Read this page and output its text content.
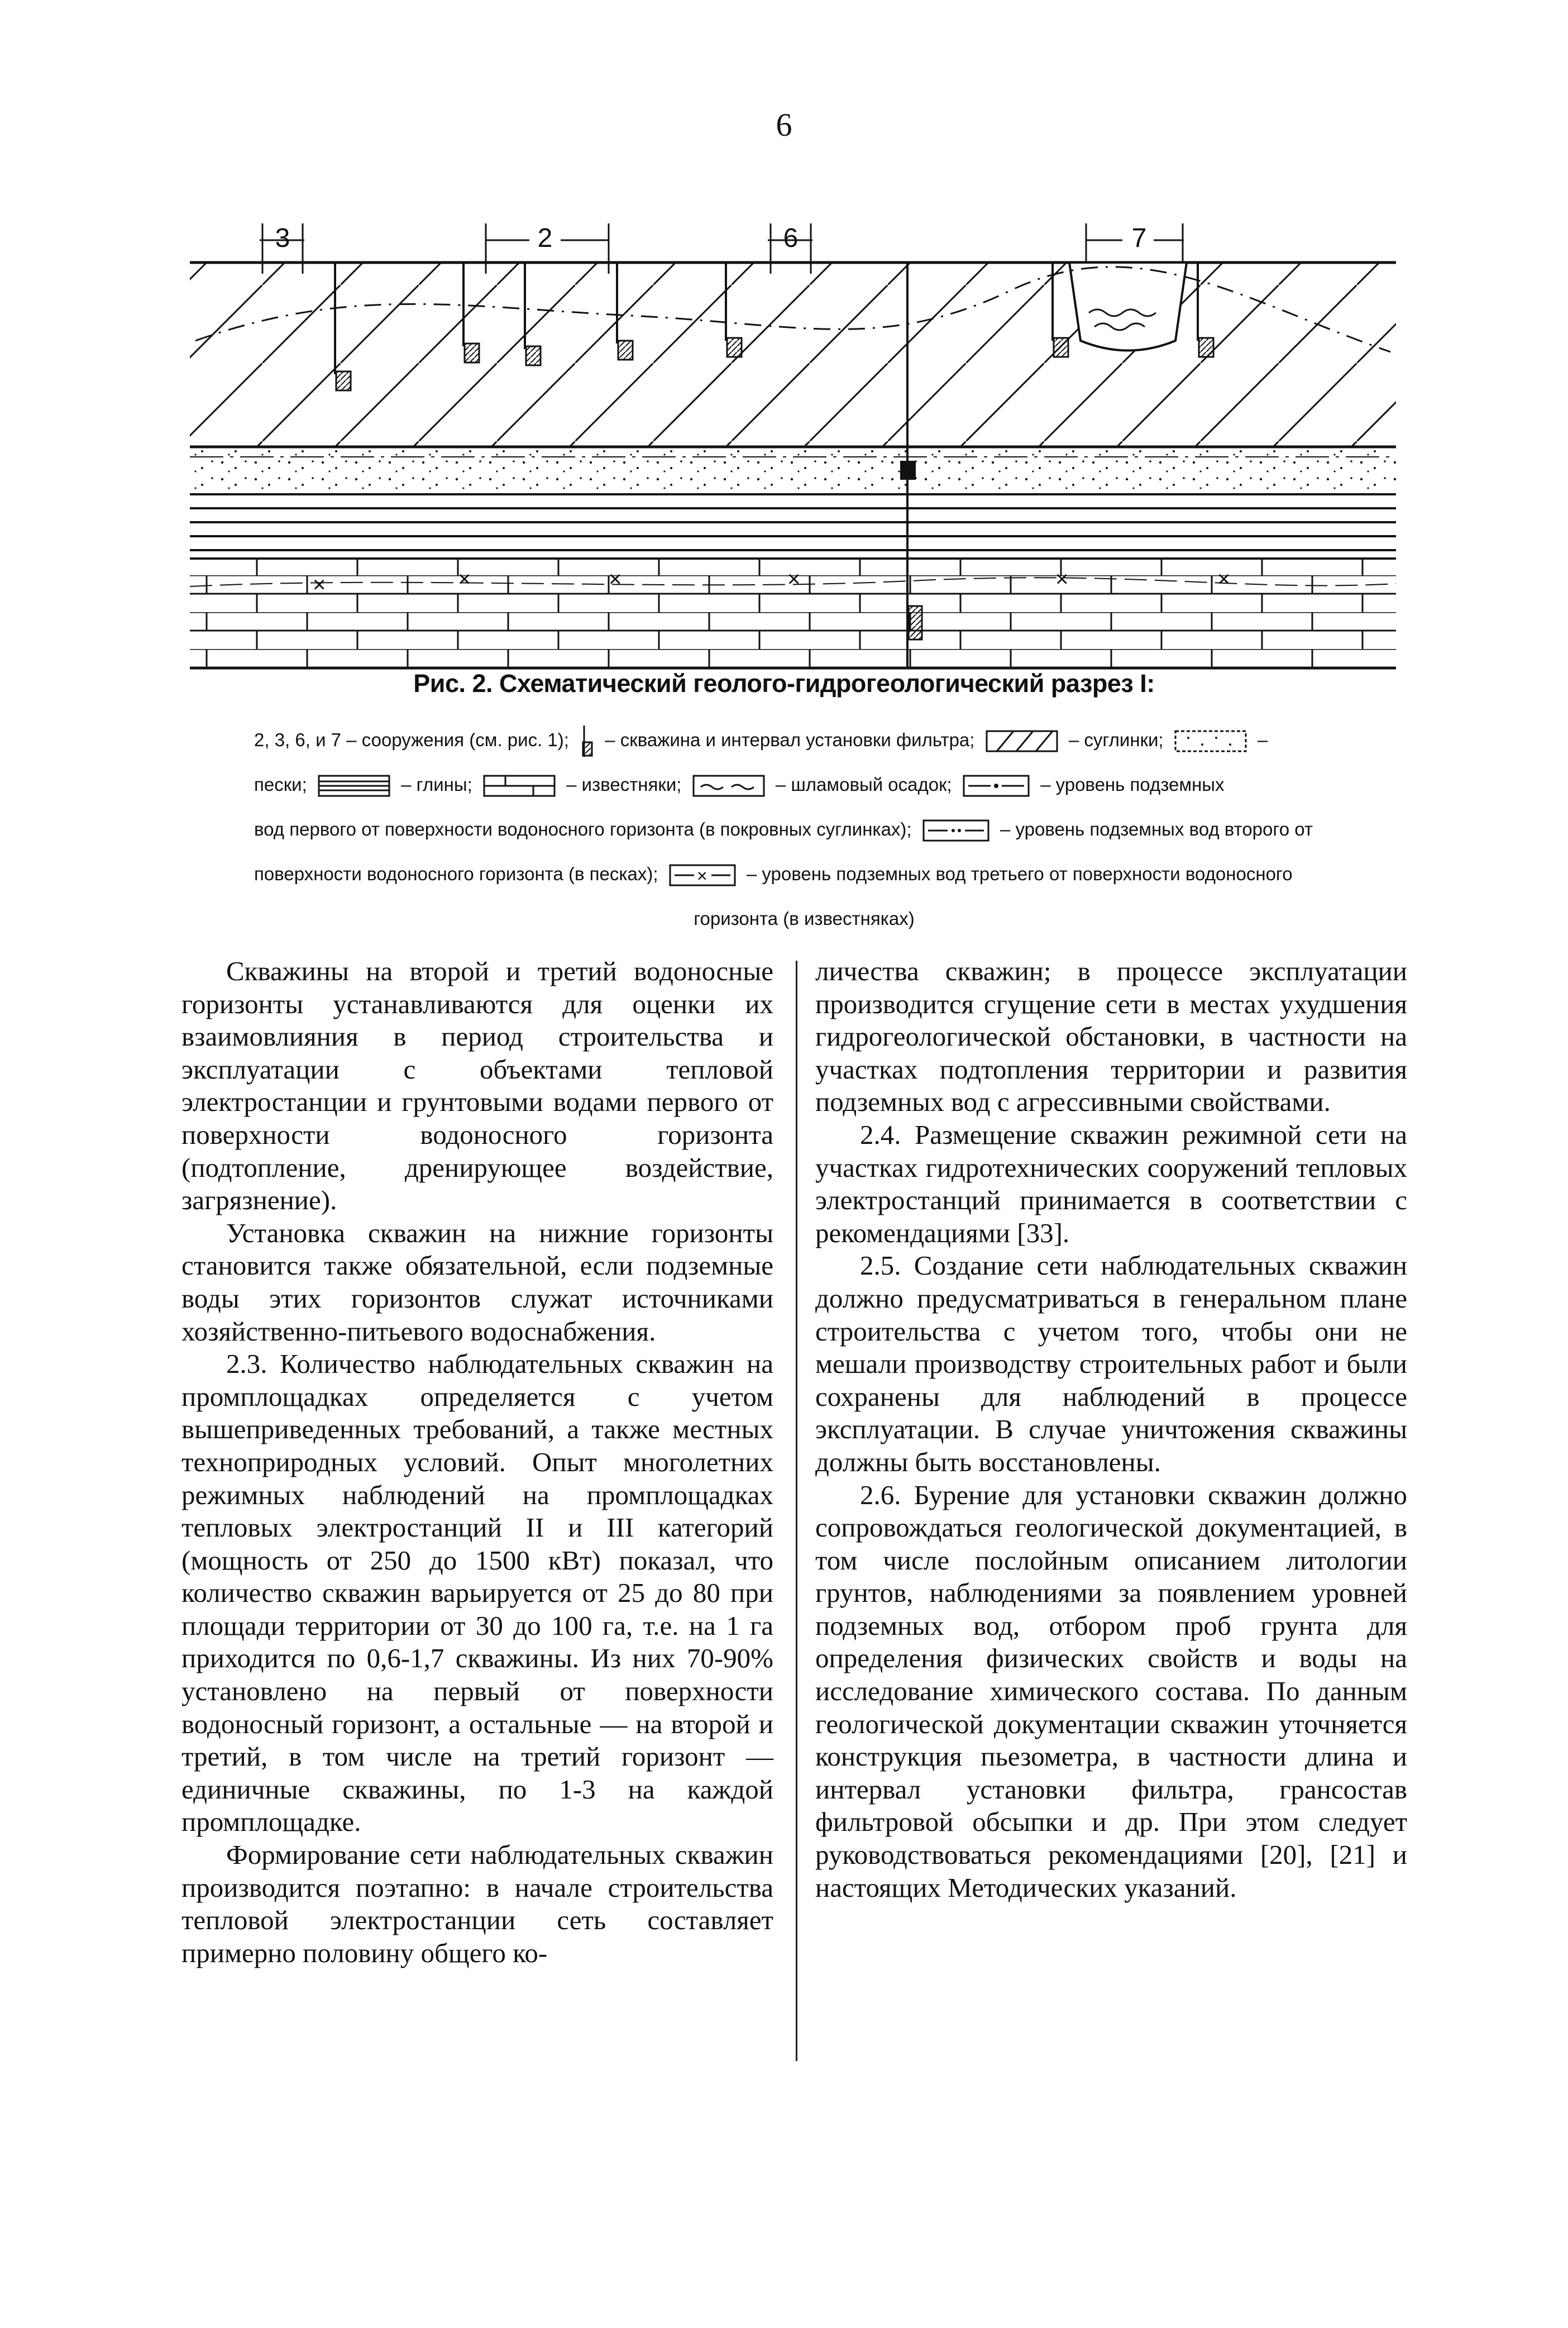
6
3	2	6	7
×	×	×	×	×	×
Рис. 2. Схематический геолого-гидрогеологический разрез I:
2, 3, 6, и 7 – сооружения (см. рис. 1); – скважина и интервал установки фильтра;	– суглинки;	–
пески;	– глины;	– известняки;	– шламовый осадок;	– уровень подземных
вод первого от поверхности водоносного горизонта (в покровных суглинках);	– уровень подземных вод второго от
поверхности водоносного горизонта (в песках); × – уровень подземных вод третьего от поверхности водоносного
горизонта (в известняках)

Скважины на второй и третий водоносные горизонты устанавливаются для оценки их взаимовлияния в период строительства и эксплуатации с объектами тепловой электростанции и грунтовыми водами первого от поверхности водоносного горизонта (подтопление, дренирующее воздействие, загрязнение).

Установка скважин на нижние горизонты становится также обязательной, если подземные воды этих горизонтов служат источниками хозяйственно-питьевого водоснабжения.

2.3. Количество наблюдательных скважин на промплощадках определяется с учетом вышеприведенных требований, а также местных технoприродных условий. Опыт многолетних режимных наблюдений на промплощадках тепловых электростанций II и III категорий (мощность от 250 до 1500 кВт) показал, что количество скважин варьируется от 25 до 80 при площади территории от 30 до 100 га, т.е. на 1 га приходится по 0,6-1,7 скважины. Из них 70-90% установлено на первый от поверхности водоносный горизонт, а остальные — на второй и третий, в том числе на третий горизонт — единичные скважины, по 1-3 на каждой промплощадке.

Формирование сети наблюдательных скважин производится поэтапно: в начале строительства тепловой электростанции сеть составляет примерно половину общего ко-

личества скважин; в процессе эксплуатации производится сгущение сети в местах ухудшения гидрогеологической обстановки, в частности на участках подтопления территории и развития подземных вод с агрессивными свойствами.

2.4. Размещение скважин режимной сети на участках гидротехнических сооружений тепловых электростанций принимается в соответствии с рекомендациями [33].

2.5. Создание сети наблюдательных скважин должно предусматриваться в генеральном плане строительства с учетом того, чтобы они не мешали производству строительных работ и были сохранены для наблюдений в процессе эксплуатации. В случае уничтожения скважины должны быть восстановлены.

2.6. Бурение для установки скважин должно сопровождаться геологической документацией, в том числе послойным описанием литологии грунтов, наблюдениями за появлением уровней подземных вод, отбором проб грунта для определения физических свойств и воды на исследование химического состава. По данным геологической документации скважин уточняется конструкция пьезометра, в частности длина и интервал установки фильтра, грансостав фильтровой обсыпки и др. При этом следует руководствоваться рекомендациями [20], [21] и настоящих Методических указаний.
